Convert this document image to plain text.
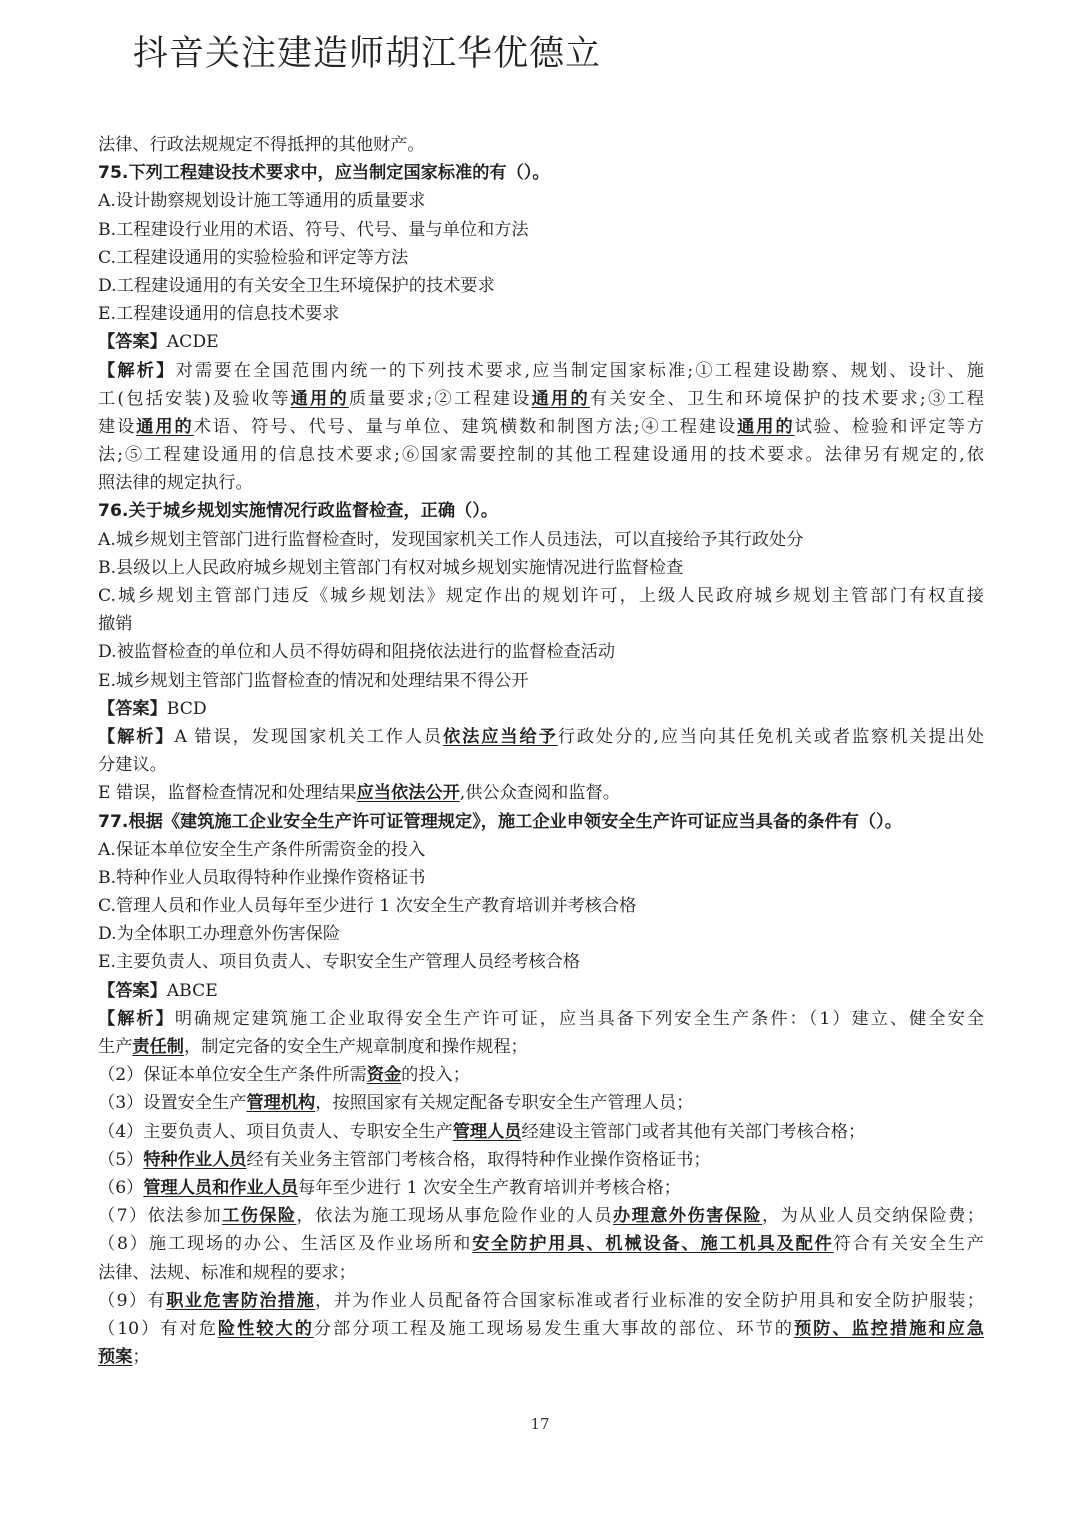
抖音关注建造师胡江华优德立
法律、行政法规规定不得抵押的其他财产。
75.下列工程建设技术要求中，应当制定国家标准的有（）。
A.设计勘察规划设计施工等通用的质量要求
B.工程建设行业用的术语、符号、代号、量与单位和方法
C.工程建设通用的实验检验和评定等方法
D.工程建设通用的有关安全卫生环境保护的技术要求
E.工程建设通用的信息技术要求
【答案】ACDE
【解析】对需要在全国范围内统一的下列技术要求,应当制定国家标准;①工程建设勘察、规划、设计、施
工(包括安装)及验收等通用的质量要求;②工程建设通用的有关安全、卫生和环境保护的技术要求;③工程
建设通用的术语、符号、代号、量与单位、建筑横数和制图方法;④工程建设通用的试验、检验和评定等方
法;⑤工程建设通用的信息技术要求;⑥国家需要控制的其他工程建设通用的技术要求。法律另有规定的,依
照法律的规定执行。
76.关于城乡规划实施情况行政监督检查，正确（）。
A.城乡规划主管部门进行监督检查时，发现国家机关工作人员违法，可以直接给予其行政处分
B.县级以上人民政府城乡规划主管部门有权对城乡规划实施情况进行监督检查
C.城乡规划主管部门违反《城乡规划法》规定作出的规划许可，上级人民政府城乡规划主管部门有权直接
撤销
D.被监督检查的单位和人员不得妨碍和阻挠依法进行的监督检查活动
E.城乡规划主管部门监督检查的情况和处理结果不得公开
【答案】BCD
【解析】A 错误，发现国家机关工作人员依法应当给予行政处分的,应当向其任免机关或者监察机关提出处
分建议。
E 错误，监督检查情况和处理结果应当依法公开,供公众查阅和监督。
77.根据《建筑施工企业安全生产许可证管理规定》，施工企业申领安全生产许可证应当具备的条件有（）。
A.保证本单位安全生产条件所需资金的投入
B.特种作业人员取得特种作业操作资格证书
C.管理人员和作业人员每年至少进行 1 次安全生产教育培训并考核合格
D.为全体职工办理意外伤害保险
E.主要负责人、项目负责人、专职安全生产管理人员经考核合格
【答案】ABCE
【解析】明确规定建筑施工企业取得安全生产许可证，应当具备下列安全生产条件：（1）建立、健全安全
生产责任制，制定完备的安全生产规章制度和操作规程；
（2）保证本单位安全生产条件所需资金的投入；
（3）设置安全生产管理机构，按照国家有关规定配备专职安全生产管理人员；
（4）主要负责人、项目负责人、专职安全生产管理人员经建设主管部门或者其他有关部门考核合格；
（5）特种作业人员经有关业务主管部门考核合格，取得特种作业操作资格证书；
（6）管理人员和作业人员每年至少进行 1 次安全生产教育培训并考核合格；
（7）依法参加工伤保险，依法为施工现场从事危险作业的人员办理意外伤害保险，为从业人员交纳保险费；
（8）施工现场的办公、生活区及作业场所和安全防护用具、机械设备、施工机具及配件符合有关安全生产
法律、法规、标准和规程的要求；
（9）有职业危害防治措施，并为作业人员配备符合国家标准或者行业标准的安全防护用具和安全防护服装；
（10）有对危险性较大的分部分项工程及施工现场易发生重大事故的部位、环节的预防、监控措施和应急
预案；
17
